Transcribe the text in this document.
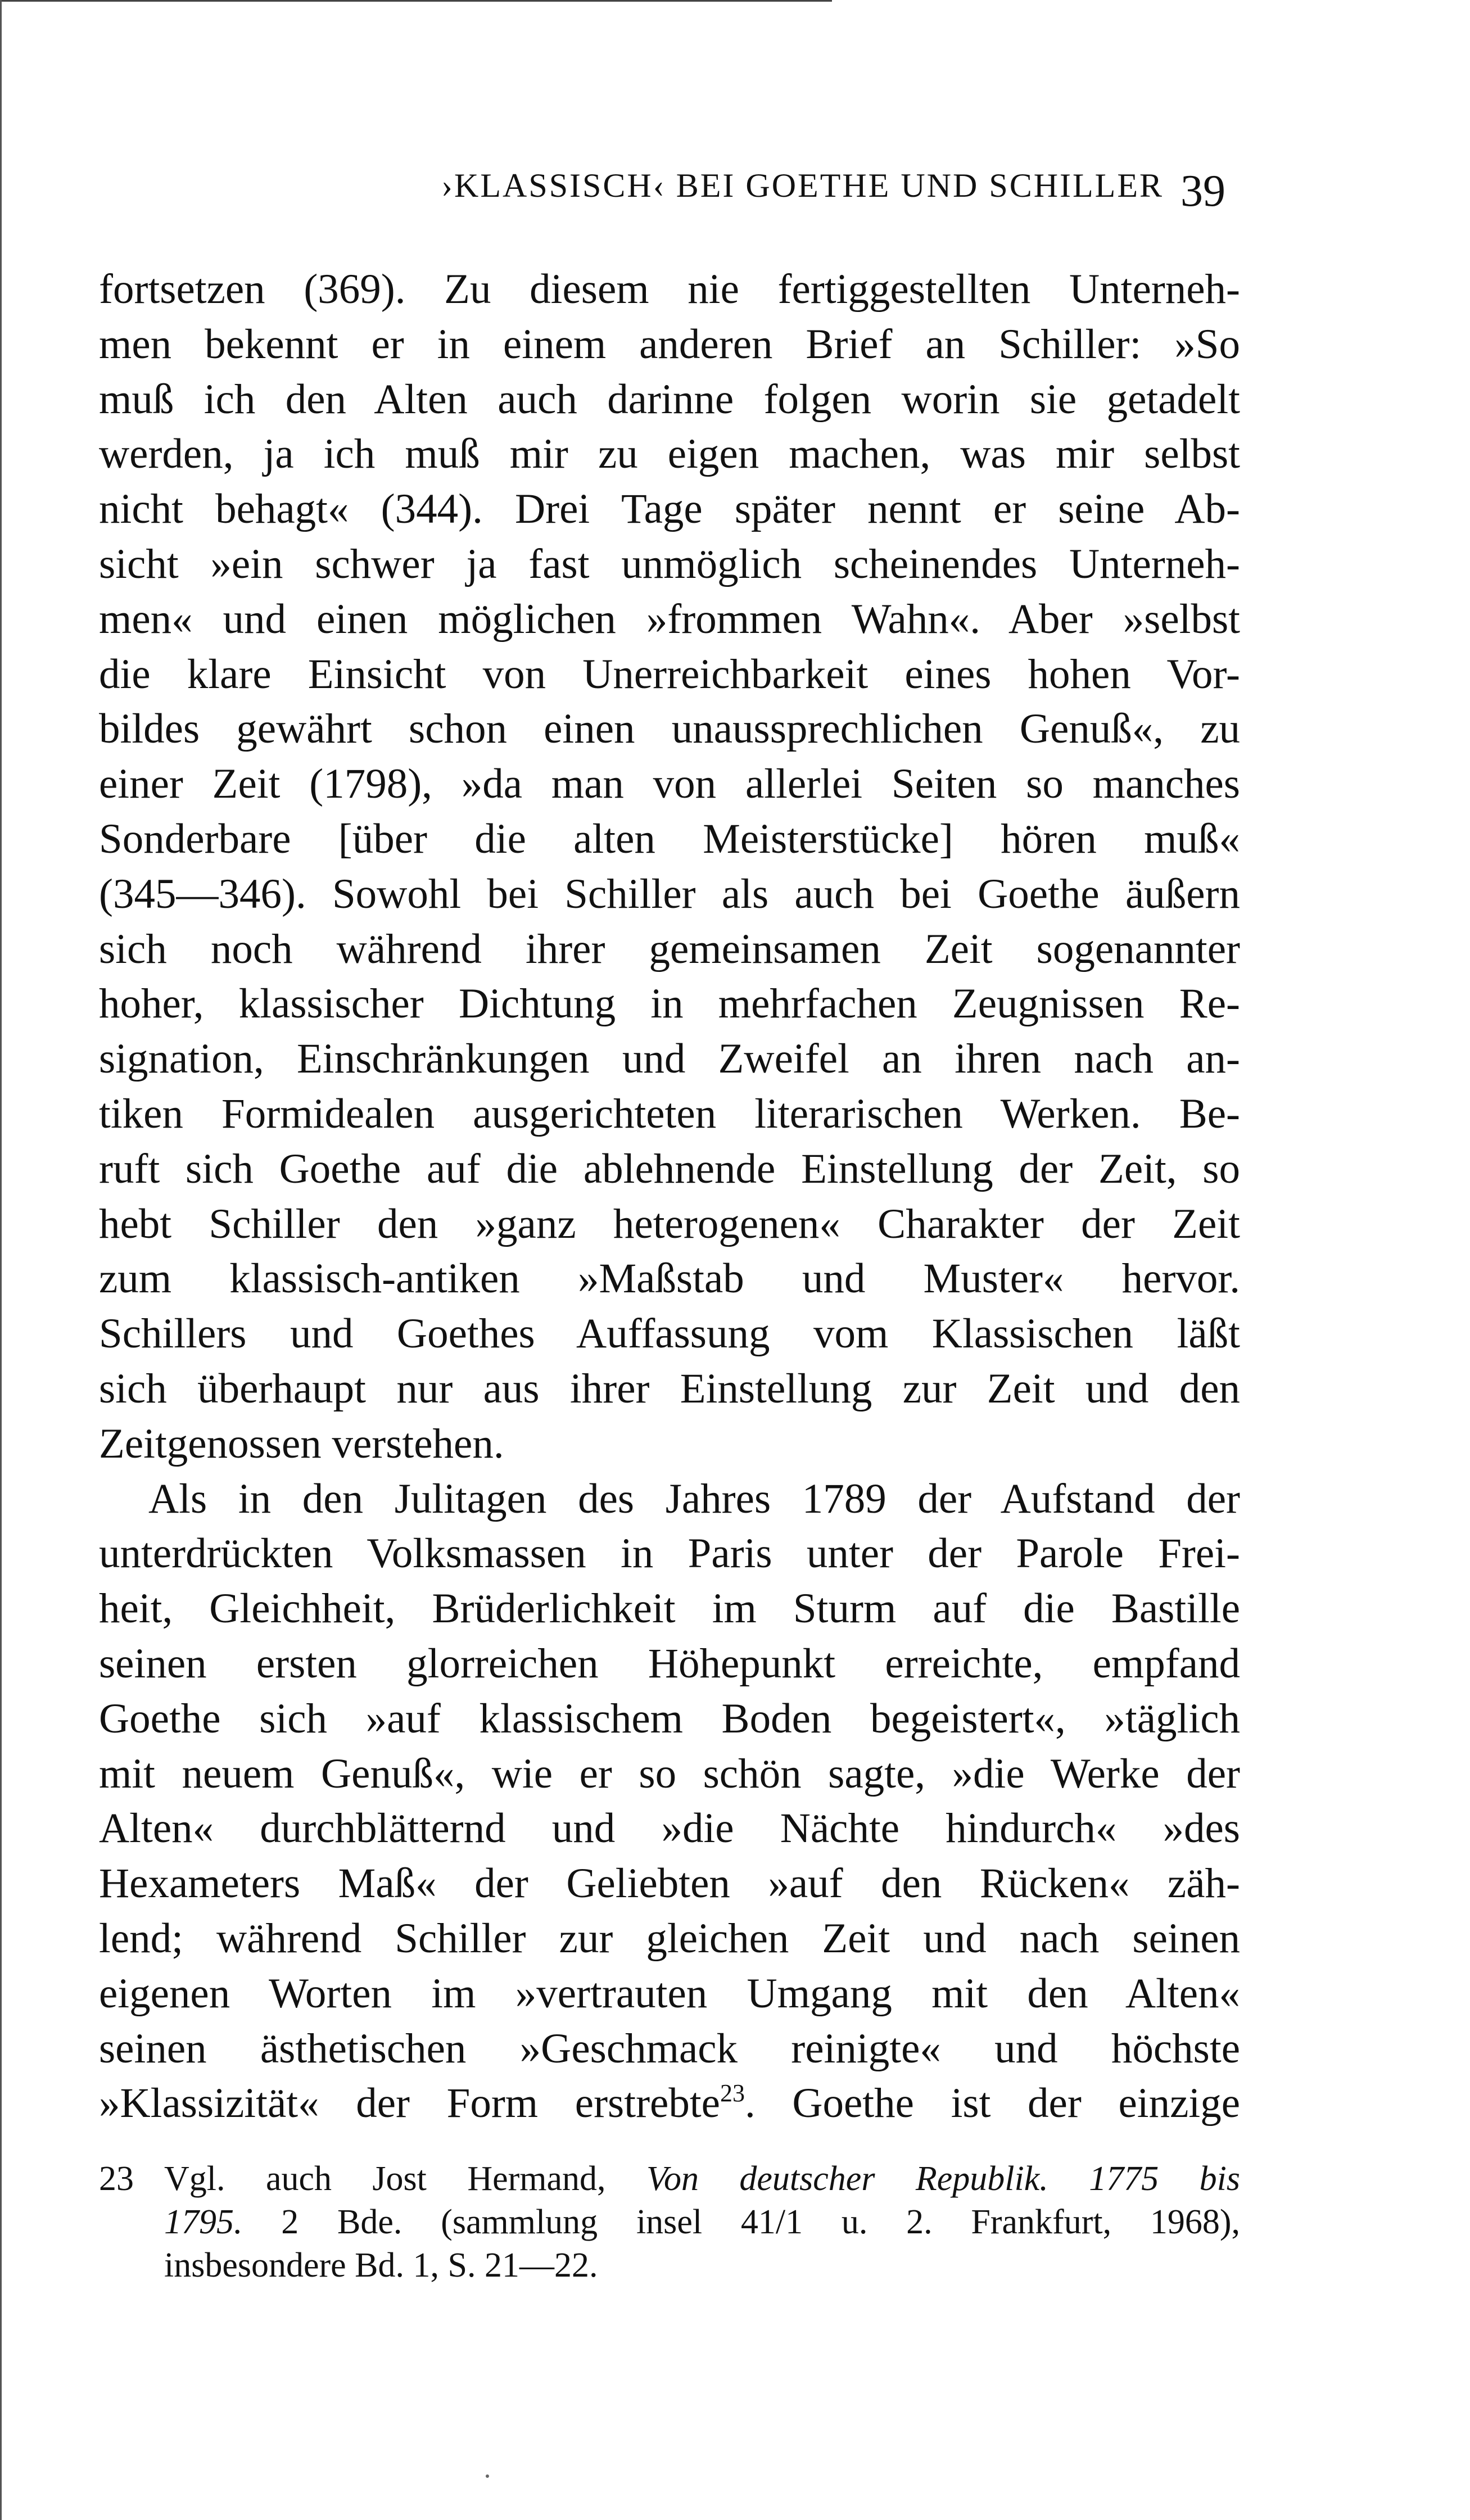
›KLASSISCH‹ BEI GOETHE UND SCHILLER 39
fortsetzen (369). Zu diesem nie fertiggestellten Unterneh-
men bekennt er in einem anderen Brief an Schiller: »So
muß ich den Alten auch darinne folgen worin sie getadelt
werden, ja ich muß mir zu eigen machen, was mir selbst
nicht behagt« (344). Drei Tage später nennt er seine Ab-
sicht »ein schwer ja fast unmöglich scheinendes Unterneh-
men« und einen möglichen »frommen Wahn«. Aber »selbst
die klare Einsicht von Unerreichbarkeit eines hohen Vor-
bildes gewährt schon einen unaussprechlichen Genuß«, zu
einer Zeit (1798), »da man von allerlei Seiten so manches
Sonderbare [über die alten Meisterstücke] hören muß«
(345—346). Sowohl bei Schiller als auch bei Goethe äußern
sich noch während ihrer gemeinsamen Zeit sogenannter
hoher, klassischer Dichtung in mehrfachen Zeugnissen Re-
signation, Einschränkungen und Zweifel an ihren nach an-
tiken Formidealen ausgerichteten literarischen Werken. Be-
ruft sich Goethe auf die ablehnende Einstellung der Zeit, so
hebt Schiller den »ganz heterogenen« Charakter der Zeit
zum klassisch-antiken »Maßstab und Muster« hervor.
Schillers und Goethes Auffassung vom Klassischen läßt
sich überhaupt nur aus ihrer Einstellung zur Zeit und den
Zeitgenossen verstehen.
Als in den Julitagen des Jahres 1789 der Aufstand der
unterdrückten Volksmassen in Paris unter der Parole Frei-
heit, Gleichheit, Brüderlichkeit im Sturm auf die Bastille
seinen ersten glorreichen Höhepunkt erreichte, empfand
Goethe sich »auf klassischem Boden begeistert«, »täglich
mit neuem Genuß«, wie er so schön sagte, »die Werke der
Alten« durchblätternd und »die Nächte hindurch« »des
Hexameters Maß« der Geliebten »auf den Rücken« zäh-
lend; während Schiller zur gleichen Zeit und nach seinen
eigenen Worten im »vertrauten Umgang mit den Alten«
seinen ästhetischen »Geschmack reinigte« und höchste
»Klassizität« der Form erstrebte$^{23}$. Goethe ist der einzige
23 Vgl. auch Jost Hermand, Von deutscher Republik. 1775 bis
1795. 2 Bde. (sammlung insel 41/1 u. 2. Frankfurt, 1968),
insbesondere Bd. 1, S. 21—22.
